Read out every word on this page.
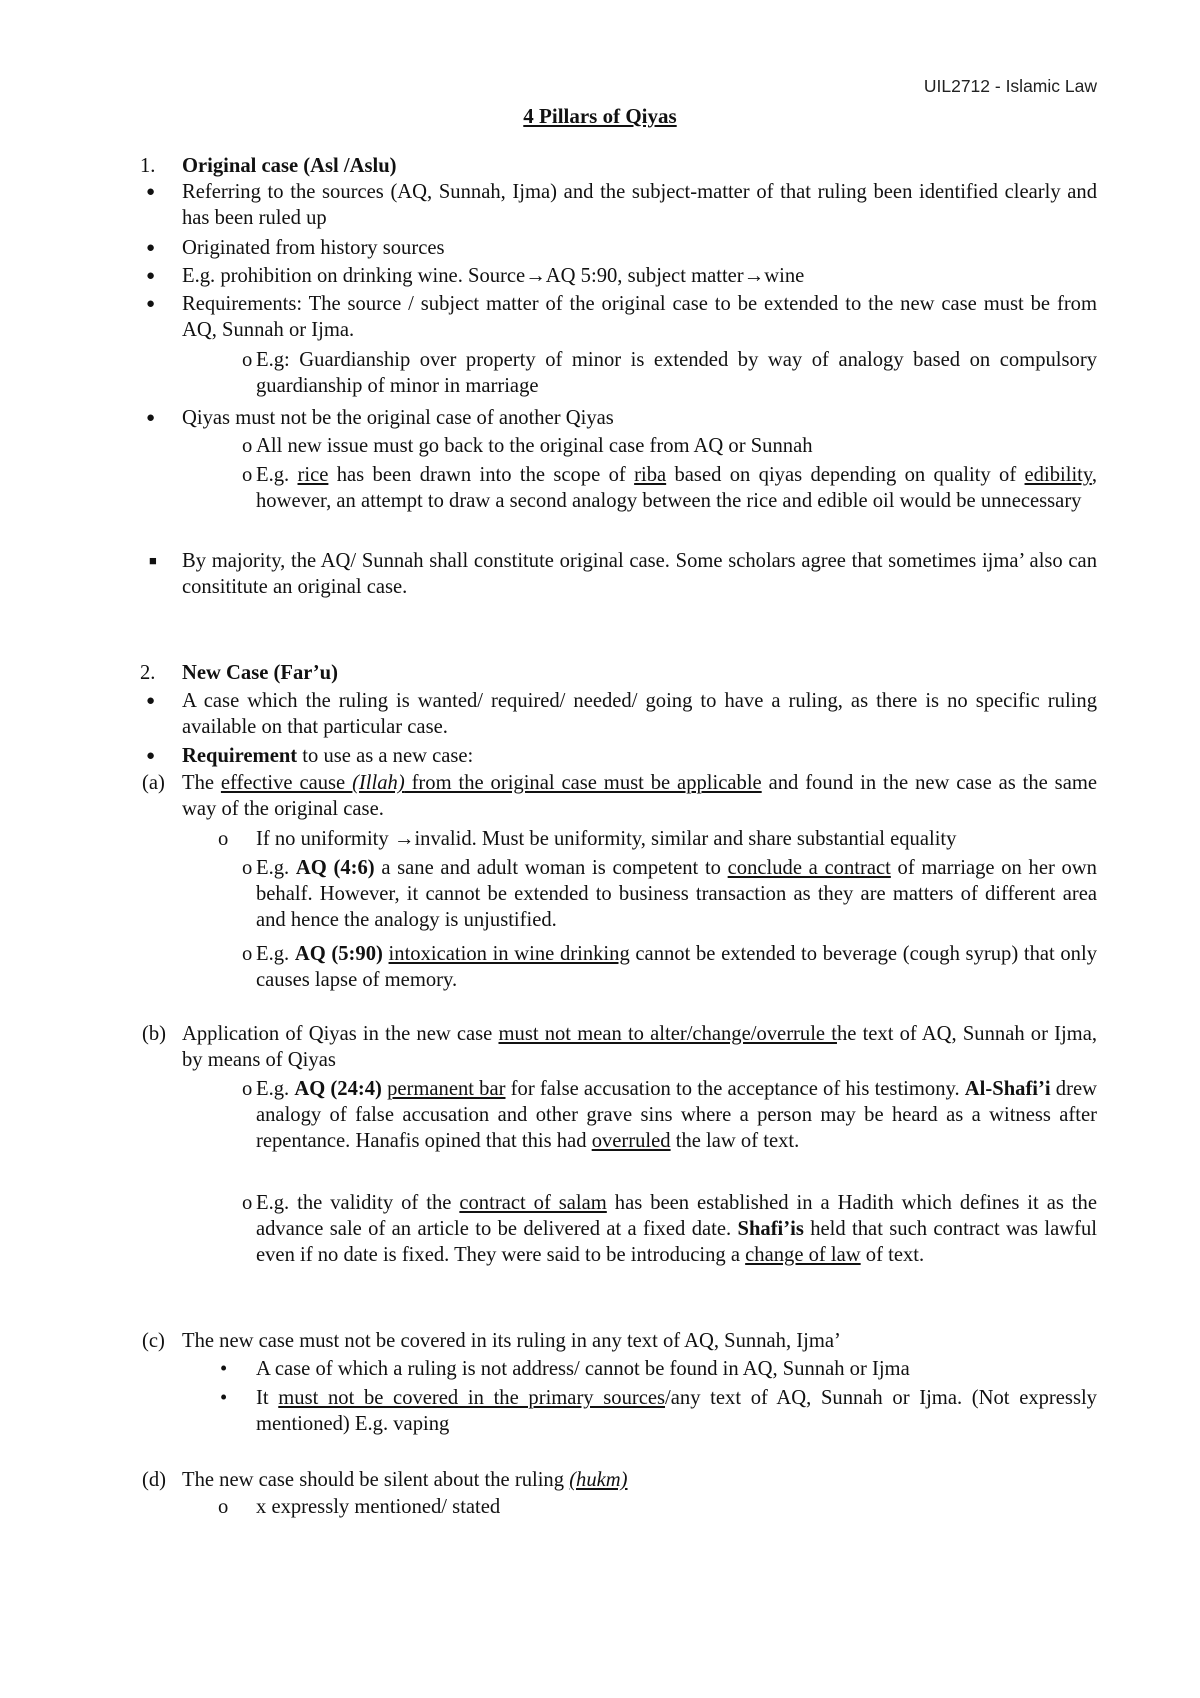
UIL2712 - Islamic Law
4 Pillars of Qiyas
1. Original case (Asl /Aslu)
● Referring to the sources (AQ, Sunnah, Ijma) and the subject-matter of that ruling been identified clearly and has been ruled up
● Originated from history sources
● E.g. prohibition on drinking wine. Source→AQ 5:90, subject matter→wine
● Requirements: The source / subject matter of the original case to be extended to the new case must be from AQ, Sunnah or Ijma.
o E.g: Guardianship over property of minor is extended by way of analogy based on compulsory guardianship of minor in marriage
● Qiyas must not be the original case of another Qiyas
o All new issue must go back to the original case from AQ or Sunnah
o E.g. rice has been drawn into the scope of riba based on qiyas depending on quality of edibility, however, an attempt to draw a second analogy between the rice and edible oil would be unnecessary
■ By majority, the AQ/ Sunnah shall constitute original case. Some scholars agree that sometimes ijma’ also can consititute an original case.
2. New Case (Far’u)
● A case which the ruling is wanted/ required/ needed/ going to have a ruling, as there is no specific ruling available on that particular case.
● Requirement to use as a new case:
(a) The effective cause (Illah) from the original case must be applicable and found in the new case as the same way of the original case.
o If no uniformity →invalid. Must be uniformity, similar and share substantial equality
o E.g. AQ (4:6) a sane and adult woman is competent to conclude a contract of marriage on her own behalf. However, it cannot be extended to business transaction as they are matters of different area and hence the analogy is unjustified.
o E.g. AQ (5:90) intoxication in wine drinking cannot be extended to beverage (cough syrup) that only causes lapse of memory.
(b) Application of Qiyas in the new case must not mean to alter/change/overrule the text of AQ, Sunnah or Ijma, by means of Qiyas
o E.g. AQ (24:4) permanent bar for false accusation to the acceptance of his testimony. Al-Shafi’i drew analogy of false accusation and other grave sins where a person may be heard as a witness after repentance. Hanafis opined that this had overruled the law of text.
o E.g. the validity of the contract of salam has been established in a Hadith which defines it as the advance sale of an article to be delivered at a fixed date. Shafi’is held that such contract was lawful even if no date is fixed. They were said to be introducing a change of law of text.
(c) The new case must not be covered in its ruling in any text of AQ, Sunnah, Ijma’
• A case of which a ruling is not address/ cannot be found in AQ, Sunnah or Ijma
• It must not be covered in the primary sources/any text of AQ, Sunnah or Ijma. (Not expressly mentioned) E.g. vaping
(d) The new case should be silent about the ruling (hukm)
o x expressly mentioned/ stated
